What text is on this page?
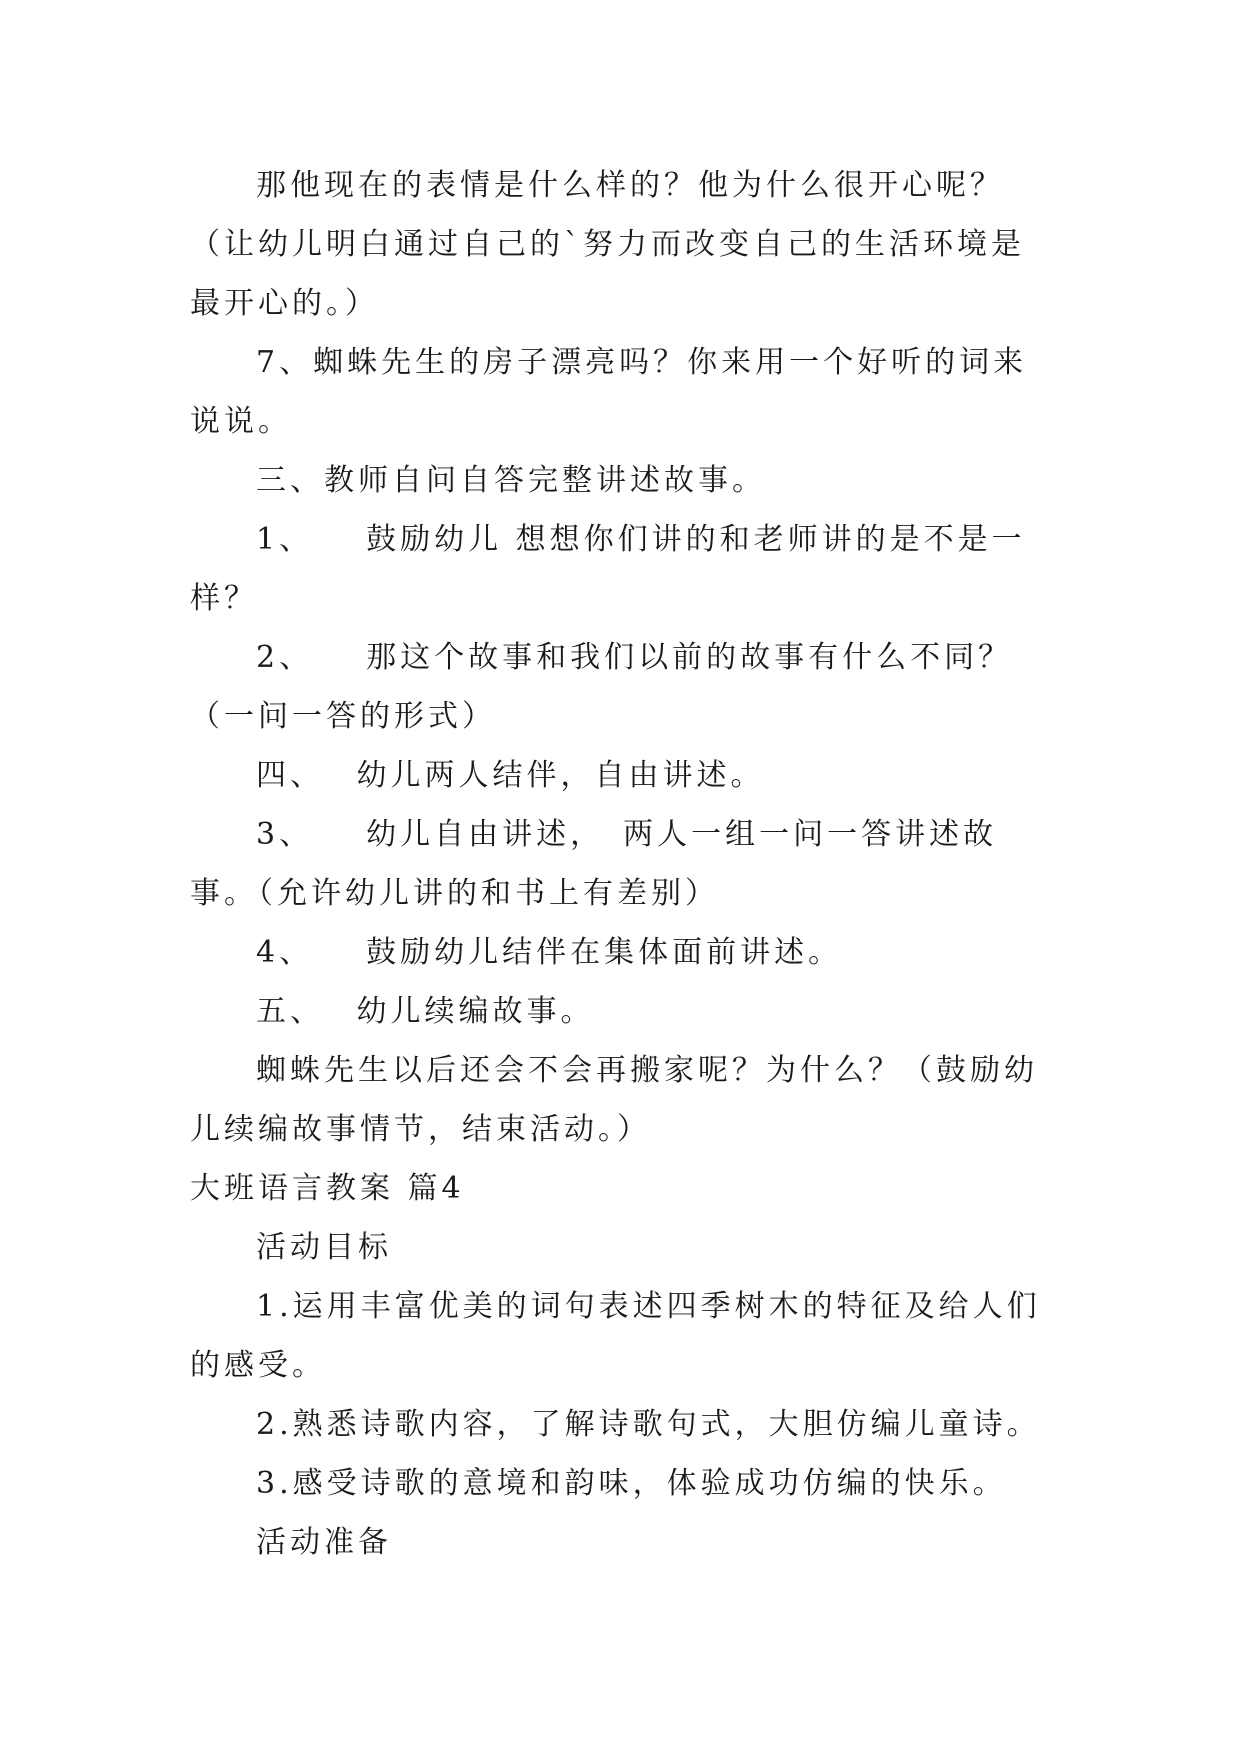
那他现在的表情是什么样的？他为什么很开心呢？（让幼儿明白通过自己的`努力而改变自己的生活环境是最开心的。）

7、蜘蛛先生的房子漂亮吗？你来用一个好听的词来说说。

三、教师自问自答完整讲述故事。

1、　　鼓励幼儿 想想你们讲的和老师讲的是不是一样？

2、　　那这个故事和我们以前的故事有什么不同？（一问一答的形式）

四、　 幼儿两人结伴，自由讲述。

3、　　幼儿自由讲述，　两人一组一问一答讲述故事。（允许幼儿讲的和书上有差别）

4、　　鼓励幼儿结伴在集体面前讲述。

五、　 幼儿续编故事。

蜘蛛先生以后还会不会再搬家呢？为什么？（鼓励幼儿续编故事情节，结束活动。）

大班语言教案 篇4

活动目标

1.运用丰富优美的词句表述四季树木的特征及给人们的感受。

2.熟悉诗歌内容，了解诗歌句式，大胆仿编儿童诗。

3.感受诗歌的意境和韵味，体验成功仿编的快乐。

活动准备
